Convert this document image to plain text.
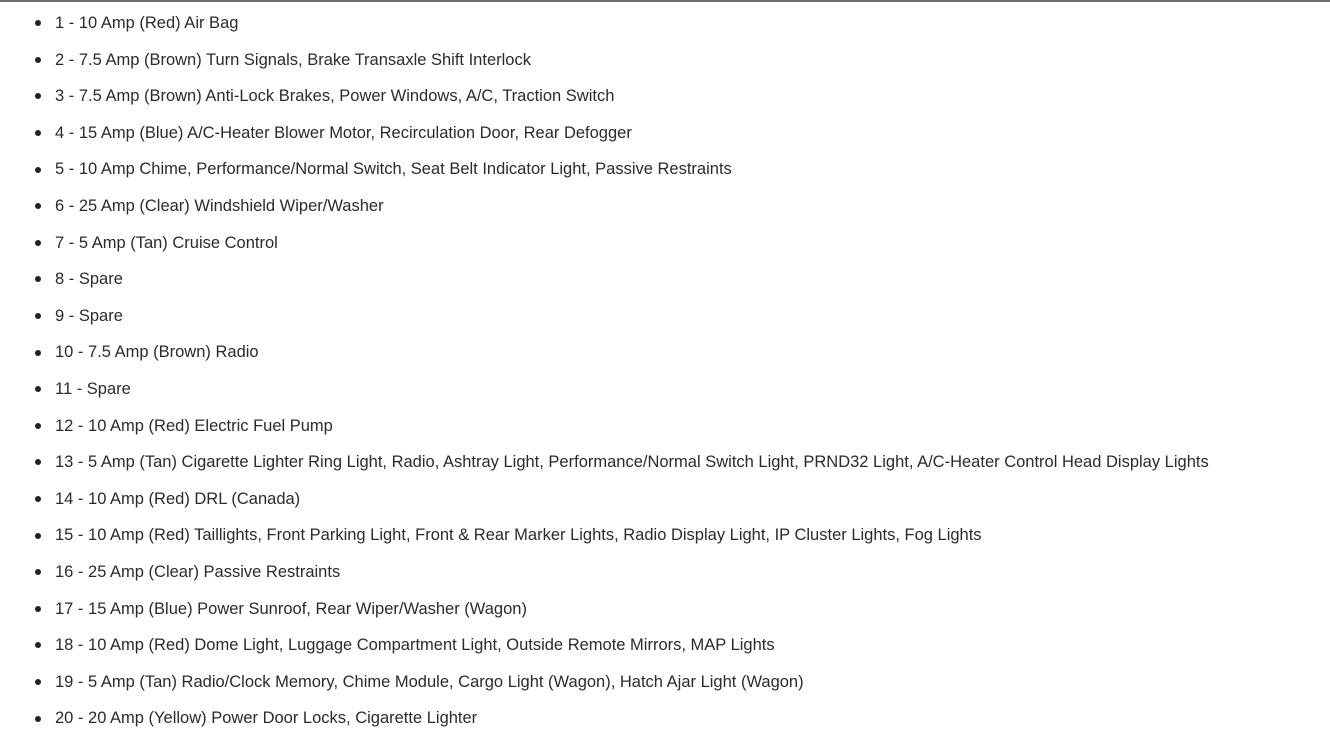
1 - 10 Amp (Red) Air Bag
2 - 7.5 Amp (Brown) Turn Signals, Brake Transaxle Shift Interlock
3 - 7.5 Amp (Brown) Anti-Lock Brakes, Power Windows, A/C, Traction Switch
4 - 15 Amp (Blue) A/C-Heater Blower Motor, Recirculation Door, Rear Defogger
5 - 10 Amp Chime, Performance/Normal Switch, Seat Belt Indicator Light, Passive Restraints
6 - 25 Amp (Clear) Windshield Wiper/Washer
7 - 5 Amp (Tan) Cruise Control
8 - Spare
9 - Spare
10 - 7.5 Amp (Brown) Radio
11 - Spare
12 - 10 Amp (Red) Electric Fuel Pump
13 - 5 Amp (Tan) Cigarette Lighter Ring Light, Radio, Ashtray Light, Performance/Normal Switch Light, PRND32 Light, A/C-Heater Control Head Display Lights
14 - 10 Amp (Red) DRL (Canada)
15 - 10 Amp (Red) Taillights, Front Parking Light, Front & Rear Marker Lights, Radio Display Light, IP Cluster Lights, Fog Lights
16 - 25 Amp (Clear) Passive Restraints
17 - 15 Amp (Blue) Power Sunroof, Rear Wiper/Washer (Wagon)
18 - 10 Amp (Red) Dome Light, Luggage Compartment Light, Outside Remote Mirrors, MAP Lights
19 - 5 Amp (Tan) Radio/Clock Memory, Chime Module, Cargo Light (Wagon), Hatch Ajar Light (Wagon)
20 - 20 Amp (Yellow) Power Door Locks, Cigarette Lighter
